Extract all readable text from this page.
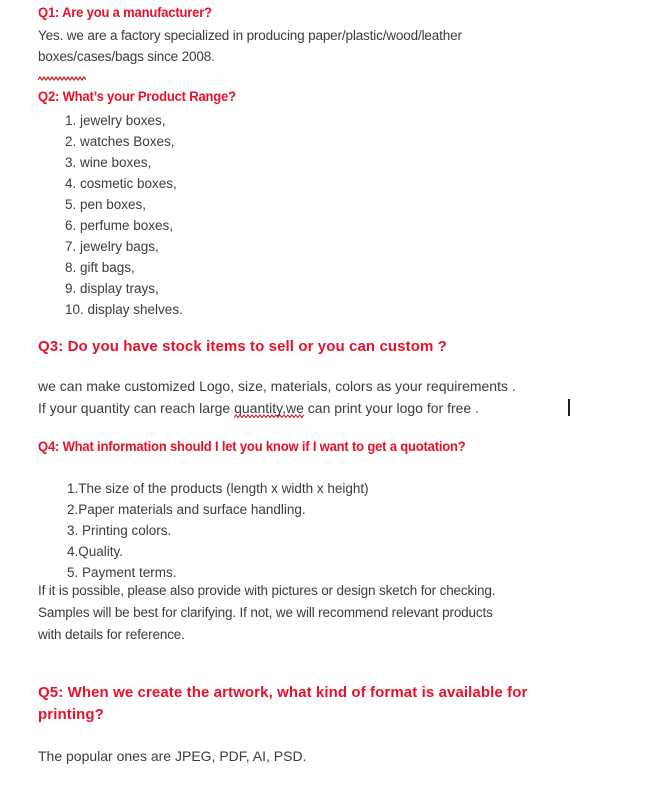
Q1: Are you a manufacturer?
Yes. we are a factory specialized in producing paper/plastic/wood/leather
boxes/cases/bags since 2008.
Q2: What’s your Product Range?
1. jewelry boxes,
2. watches Boxes,
3. wine boxes,
4. cosmetic boxes,
5. pen boxes,
6. perfume boxes,
7. jewelry bags,
8. gift bags,
9. display trays,
10. display shelves.
Q3: Do you have stock items to sell or you can custom ?
we can make customized Logo, size, materials, colors as your requirements .
If your quantity can reach large quantity,we
can print your logo for free .
Q4: What information should I let you know if I want to get a quotation?
1.The size of the products (length x width x height)
2.Paper materials and surface handling.
3. Printing colors.
4.Quality.
5. Payment terms.
If it is possible, please also provide with pictures or design sketch for checking.
Samples will be best for clarifying. If not, we will recommend relevant products
with details for reference.
Q5: When we create the artwork, what kind of format is available for printing?
The popular ones are JPEG, PDF, AI, PSD.
